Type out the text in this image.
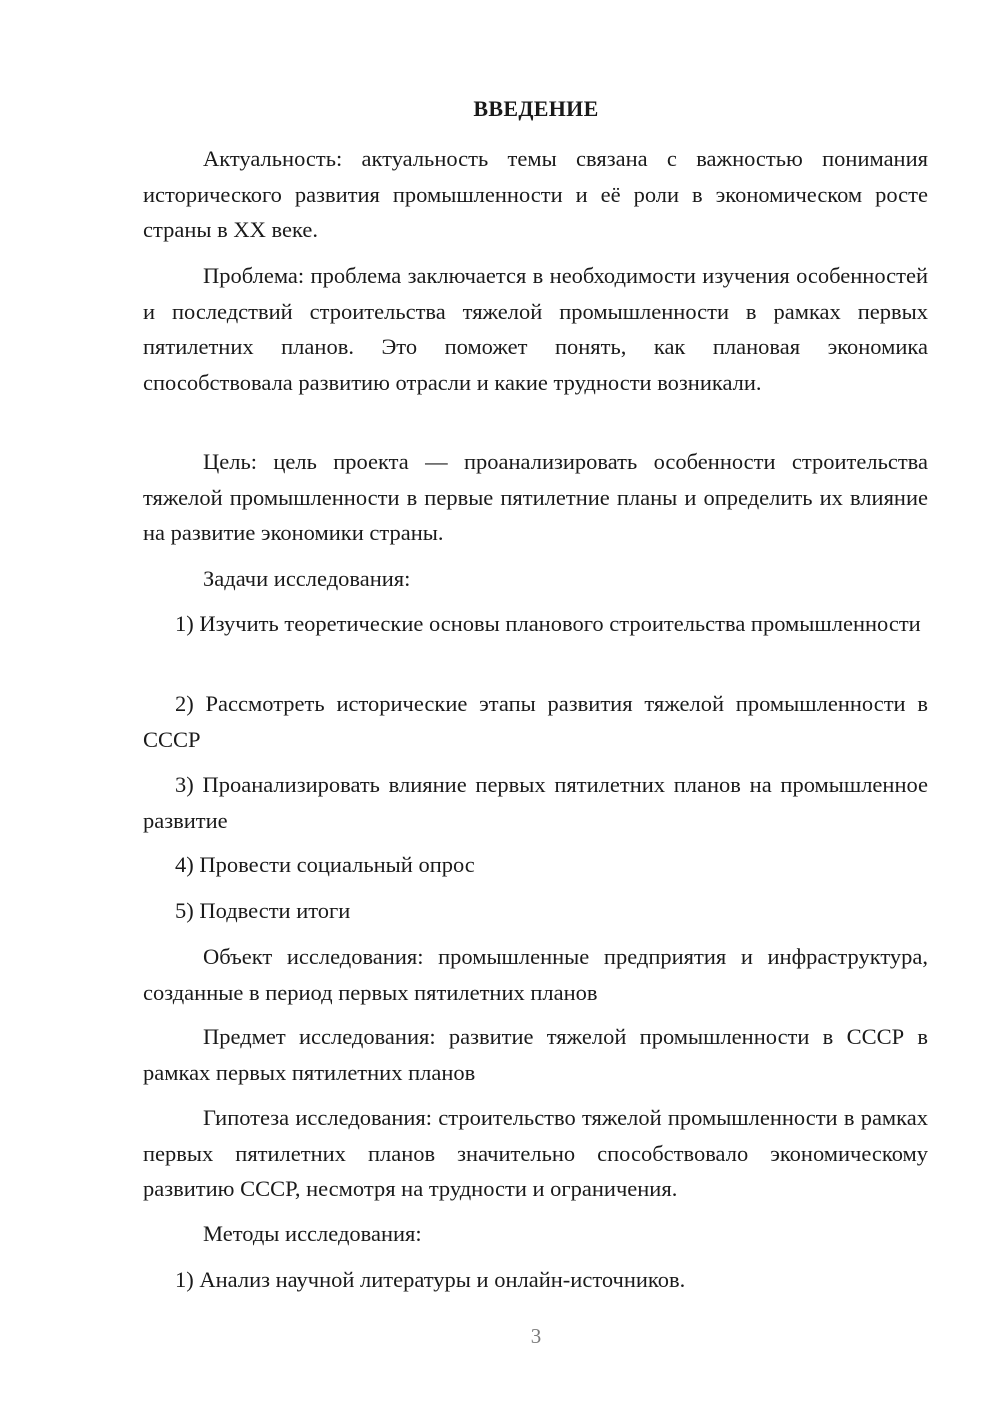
ВВЕДЕНИЕ

Актуальность: актуальность темы связана с важностью понимания исторического развития промышленности и её роли в экономическом росте страны в XX веке.

Проблема: проблема заключается в необходимости изучения особенностей и последствий строительства тяжелой промышленности в рамках первых пятилетних планов. Это поможет понять, как плановая экономика способствовала развитию отрасли и какие трудности возникали.

Цель: цель проекта — проанализировать особенности строительства тяжелой промышленности в первые пятилетние планы и определить их влияние на развитие экономики страны.

Задачи исследования:

1) Изучить теоретические основы планового строительства промышленности

2) Рассмотреть исторические этапы развития тяжелой промышленности в СССР

3) Проанализировать влияние первых пятилетних планов на промышленное развитие

4) Провести социальный опрос
5) Подвести итоги

Объект исследования: промышленные предприятия и инфраструктура, созданные в период первых пятилетних планов

Предмет исследования: развитие тяжелой промышленности в СССР в рамках первых пятилетних планов

Гипотеза исследования: строительство тяжелой промышленности в рамках первых пятилетних планов значительно способствовало экономическому развитию СССР, несмотря на трудности и ограничения.

Методы исследования:
1) Анализ научной литературы и онлайн-источников.
3
